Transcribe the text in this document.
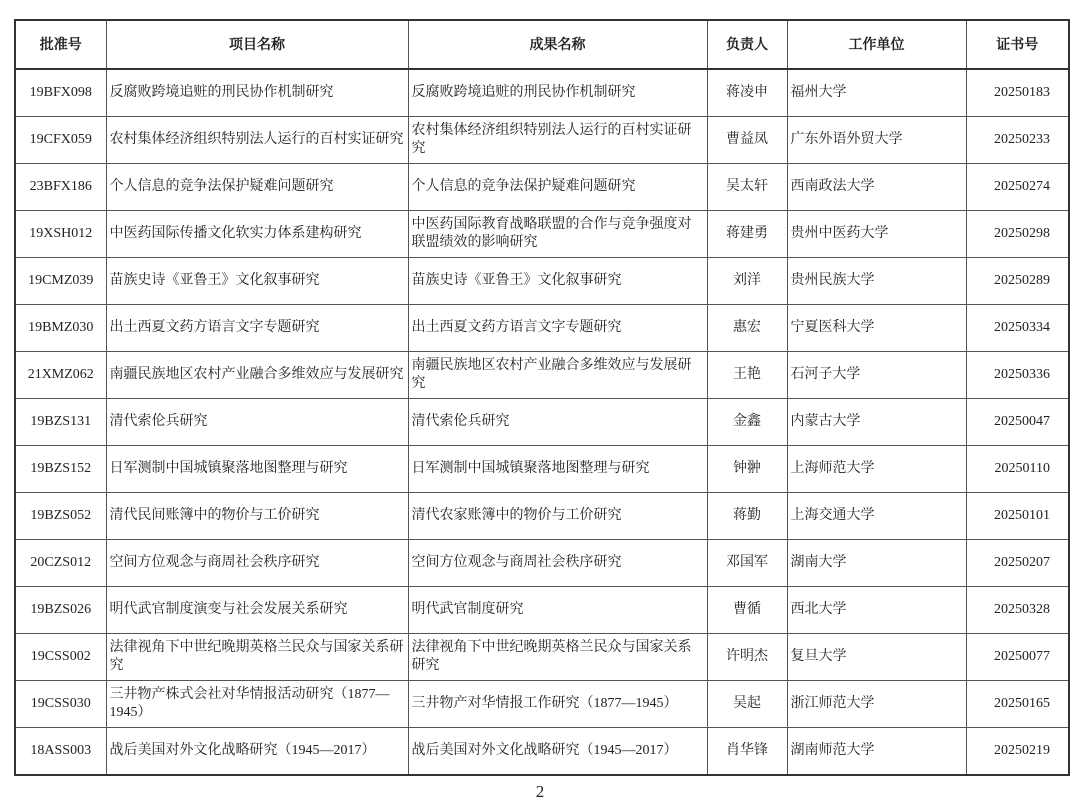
批准号	项目名称	成果名称	负责人	工作单位	证书号
19BFX098	反腐败跨境追赃的刑民协作机制研究	反腐败跨境追赃的刑民协作机制研究	蒋凌申	福州大学	20250183
19CFX059	农村集体经济组织特别法人运行的百村实证研究	农村集体经济组织特别法人运行的百村实证研究	曹益凤	广东外语外贸大学	20250233
23BFX186	个人信息的竞争法保护疑难问题研究	个人信息的竞争法保护疑难问题研究	吴太轩	西南政法大学	20250274
19XSH012	中医药国际传播文化软实力体系建构研究	中医药国际教育战略联盟的合作与竞争强度对联盟绩效的影响研究	蒋建勇	贵州中医药大学	20250298
19CMZ039	苗族史诗《亚鲁王》文化叙事研究	苗族史诗《亚鲁王》文化叙事研究	刘洋	贵州民族大学	20250289
19BMZ030	出土西夏文药方语言文字专题研究	出土西夏文药方语言文字专题研究	惠宏	宁夏医科大学	20250334
21XMZ062	南疆民族地区农村产业融合多维效应与发展研究	南疆民族地区农村产业融合多维效应与发展研究	王艳	石河子大学	20250336
19BZS131	清代索伦兵研究	清代索伦兵研究	金鑫	内蒙古大学	20250047
19BZS152	日军测制中国城镇聚落地图整理与研究	日军测制中国城镇聚落地图整理与研究	钟翀	上海师范大学	20250110
19BZS052	清代民间账簿中的物价与工价研究	清代农家账簿中的物价与工价研究	蒋勤	上海交通大学	20250101
20CZS012	空间方位观念与商周社会秩序研究	空间方位观念与商周社会秩序研究	邓国军	湖南大学	20250207
19BZS026	明代武官制度演变与社会发展关系研究	明代武官制度研究	曹循	西北大学	20250328
19CSS002	法律视角下中世纪晚期英格兰民众与国家关系研究	法律视角下中世纪晚期英格兰民众与国家关系研究	许明杰	复旦大学	20250077
19CSS030	三井物产株式会社对华情报活动研究（1877—1945）	三井物产对华情报工作研究（1877—1945）	吴起	浙江师范大学	20250165
18ASS003	战后美国对外文化战略研究（1945—2017）	战后美国对外文化战略研究（1945—2017）	肖华锋	湖南师范大学	20250219
2
